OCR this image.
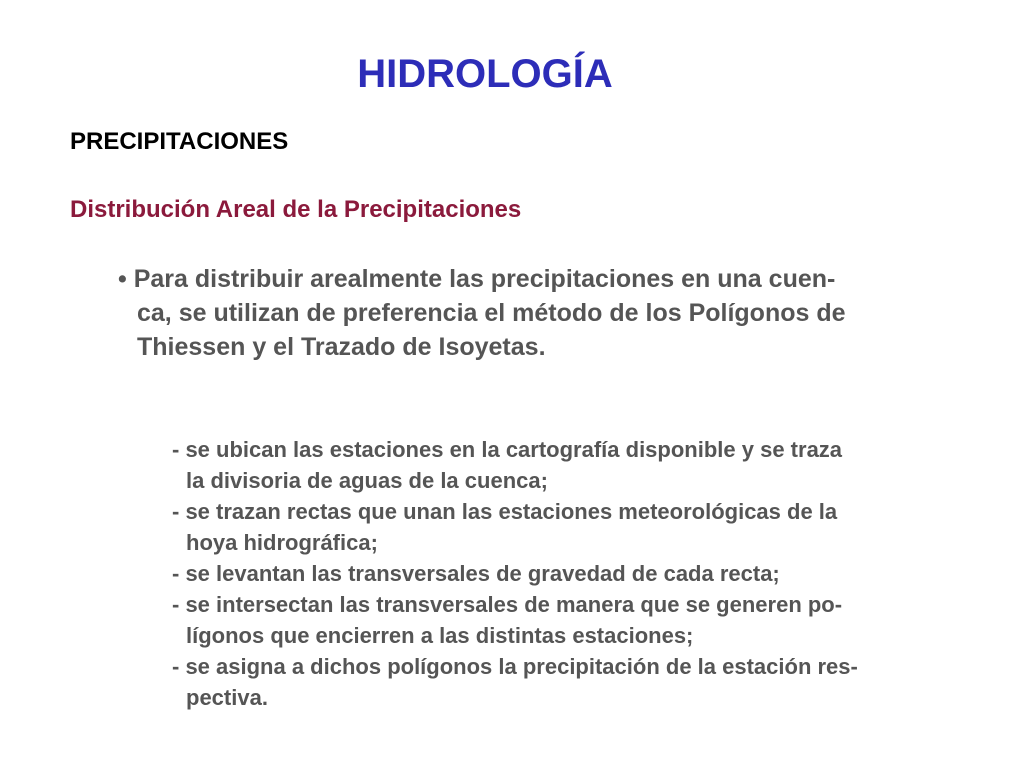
HIDROLOGÍA
PRECIPITACIONES
Distribución Areal de la Precipitaciones
• Para distribuir arealmente las precipitaciones en una cuen-
ca, se utilizan de preferencia el método de los Polígonos de
Thiessen y el Trazado de Isoyetas.
- se ubican las estaciones en la cartografía disponible y se traza
la divisoria de aguas de la cuenca;
- se trazan rectas que unan las estaciones meteorológicas de la
hoya hidrográfica;
- se levantan las transversales de gravedad de cada recta;
- se intersectan las transversales de manera que se generen po-
lígonos que encierren a las distintas estaciones;
- se asigna a dichos polígonos la precipitación de la estación res-
pectiva.
